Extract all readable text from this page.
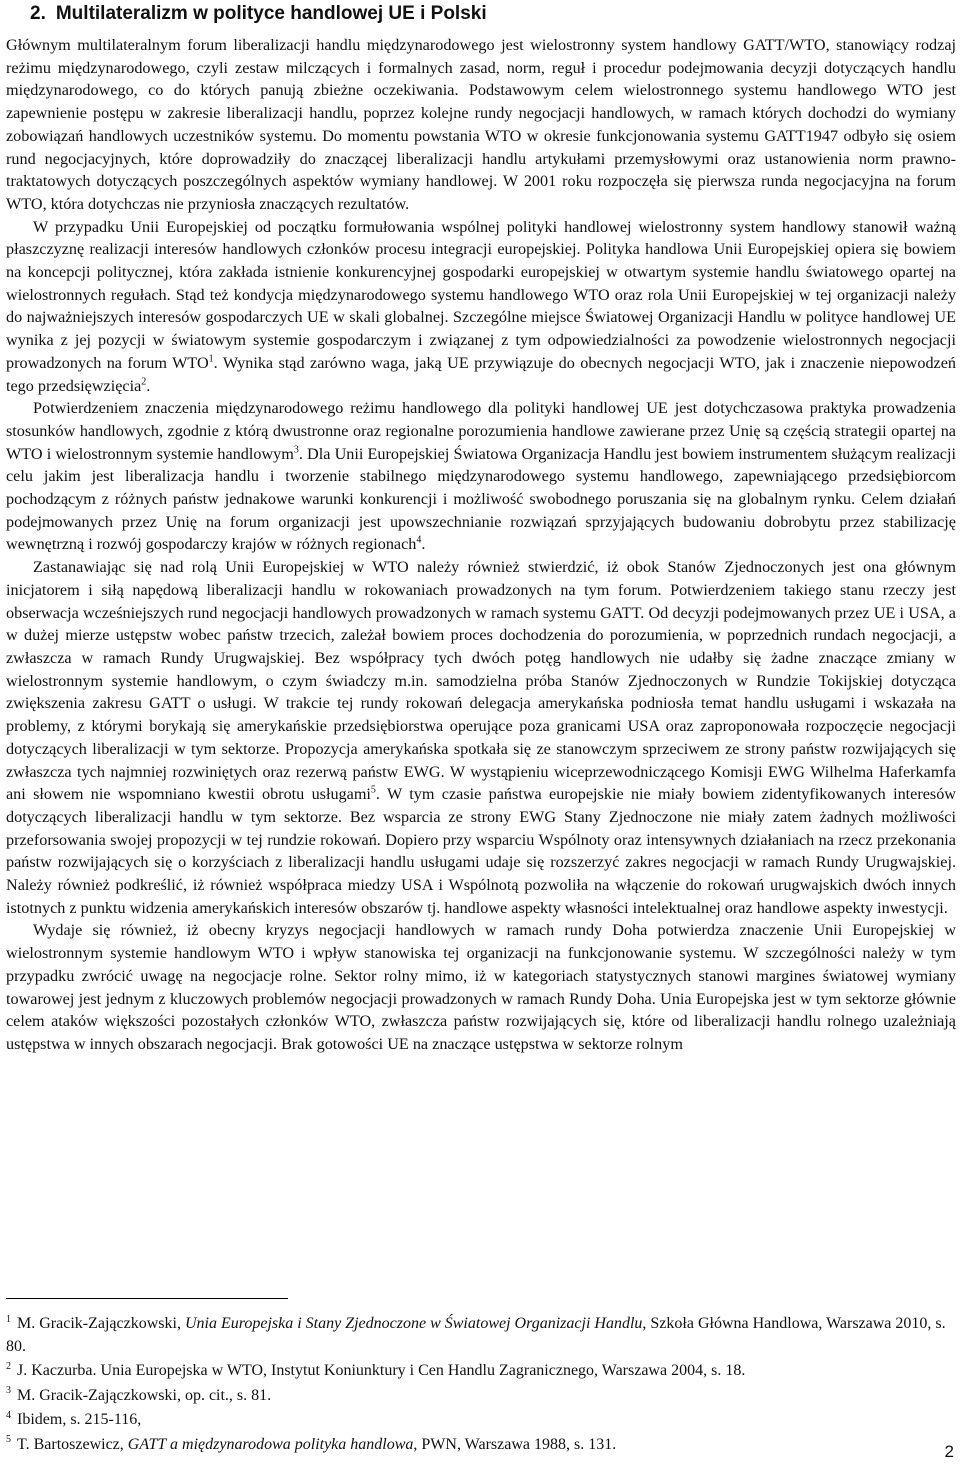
2. Multilateralizm w polityce handlowej UE i Polski

Głównym multilateralnym forum liberalizacji handlu międzynarodowego jest wielostronny system handlowy GATT/WTO, stanowiący rodzaj reżimu międzynarodowego, czyli zestaw milczących i formalnych zasad, norm, reguł i procedur podejmowania decyzji dotyczących handlu międzynarodowego, co do których panują zbieżne oczekiwania. Podstawowym celem wielostronnego systemu handlowego WTO jest zapewnienie postępu w zakresie liberalizacji handlu, poprzez kolejne rundy negocjacji handlowych, w ramach których dochodzi do wymiany zobowiązań handlowych uczestników systemu. Do momentu powstania WTO w okresie funkcjonowania systemu GATT1947 odbyło się osiem rund negocjacyjnych, które doprowadziły do znaczącej liberalizacji handlu artykułami przemysłowymi oraz ustanowienia norm prawno-traktatowych dotyczących poszczególnych aspektów wymiany handlowej. W 2001 roku rozpoczęła się pierwsza runda negocjacyjna na forum WTO, która dotychczas nie przyniosła znaczących rezultatów.

W przypadku Unii Europejskiej od początku formułowania wspólnej polityki handlowej wielostronny system handlowy stanowił ważną płaszczyznę realizacji interesów handlowych członków procesu integracji europejskiej. Polityka handlowa Unii Europejskiej opiera się bowiem na koncepcji politycznej, która zakłada istnienie konkurencyjnej gospodarki europejskiej w otwartym systemie handlu światowego opartej na wielostronnych regułach. Stąd też kondycja międzynarodowego systemu handlowego WTO oraz rola Unii Europejskiej w tej organizacji należy do najważniejszych interesów gospodarczych UE w skali globalnej. Szczególne miejsce Światowej Organizacji Handlu w polityce handlowej UE wynika z jej pozycji w światowym systemie gospodarczym i związanej z tym odpowiedzialności za powodzenie wielostronnych negocjacji prowadzonych na forum WTO$^1$. Wynika stąd zarówno waga, jaką UE przywiązuje do obecnych negocjacji WTO, jak i znaczenie niepowodzeń tego przedsięwzięcia$^2$.

Potwierdzeniem znaczenia międzynarodowego reżimu handlowego dla polityki handlowej UE jest dotychczasowa praktyka prowadzenia stosunków handlowych, zgodnie z którą dwustronne oraz regionalne porozumienia handlowe zawierane przez Unię są częścią strategii opartej na WTO i wielostronnym systemie handlowym$^3$. Dla Unii Europejskiej Światowa Organizacja Handlu jest bowiem instrumentem służącym realizacji celu jakim jest liberalizacja handlu i tworzenie stabilnego międzynarodowego systemu handlowego, zapewniającego przedsiębiorcom pochodzącym z różnych państw jednakowe warunki konkurencji i możliwość swobodnego poruszania się na globalnym rynku. Celem działań podejmowanych przez Unię na forum organizacji jest upowszechnianie rozwiązań sprzyjających budowaniu dobrobytu przez stabilizację wewnętrzną i rozwój gospodarczy krajów w różnych regionach$^4$.

Zastanawiając się nad rolą Unii Europejskiej w WTO należy również stwierdzić, iż obok Stanów Zjednoczonych jest ona głównym inicjatorem i siłą napędową liberalizacji handlu w rokowaniach prowadzonych na tym forum. Potwierdzeniem takiego stanu rzeczy jest obserwacja wcześniejszych rund negocjacji handlowych prowadzonych w ramach systemu GATT. Od decyzji podejmowanych przez UE i USA, a w dużej mierze ustępstw wobec państw trzecich, zależał bowiem proces dochodzenia do porozumienia, w poprzednich rundach negocjacji, a zwłaszcza w ramach Rundy Urugwajskiej. Bez współpracy tych dwóch potęg handlowych nie udałby się żadne znaczące zmiany w wielostronnym systemie handlowym, o czym świadczy m.in. samodzielna próba Stanów Zjednoczonych w Rundzie Tokijskiej dotycząca zwiększenia zakresu GATT o usługi. W trakcie tej rundy rokowań delegacja amerykańska podniosła temat handlu usługami i wskazała na problemy, z którymi borykają się amerykańskie przedsiębiorstwa operujące poza granicami USA oraz zaproponowała rozpoczęcie negocjacji dotyczących liberalizacji w tym sektorze. Propozycja amerykańska spotkała się ze stanowczym sprzeciwem ze strony państw rozwijających się zwłaszcza tych najmniej rozwiniętych oraz rezerwą państw EWG. W wystąpieniu wiceprzewodniczącego Komisji EWG Wilhelma Haferkamfa ani słowem nie wspomniano kwestii obrotu usługami$^5$. W tym czasie państwa europejskie nie miały bowiem zidentyfikowanych interesów dotyczących liberalizacji handlu w tym sektorze. Bez wsparcia ze strony EWG Stany Zjednoczone nie miały zatem żadnych możliwości przeforsowania swojej propozycji w tej rundzie rokowań. Dopiero przy wsparciu Wspólnoty oraz intensywnych działaniach na rzecz przekonania państw rozwijających się o korzyściach z liberalizacji handlu usługami udaje się rozszerzyć zakres negocjacji w ramach Rundy Urugwajskiej. Należy również podkreślić, iż również współpraca miedzy USA i Wspólnotą pozwoliła na włączenie do rokowań urugwajskich dwóch innych istotnych z punktu widzenia amerykańskich interesów obszarów tj. handlowe aspekty własności intelektualnej oraz handlowe aspekty inwestycji.

Wydaje się również, iż obecny kryzys negocjacji handlowych w ramach rundy Doha potwierdza znaczenie Unii Europejskiej w wielostronnym systemie handlowym WTO i wpływ stanowiska tej organizacji na funkcjonowanie systemu. W szczególności należy w tym przypadku zwrócić uwagę na negocjacje rolne. Sektor rolny mimo, iż w kategoriach statystycznych stanowi margines światowej wymiany towarowej jest jednym z kluczowych problemów negocjacji prowadzonych w ramach Rundy Doha. Unia Europejska jest w tym sektorze głównie celem ataków większości pozostałych członków WTO, zwłaszcza państw rozwijających się, które od liberalizacji handlu rolnego uzależniają ustępstwa w innych obszarach negocjacji. Brak gotowości UE na znaczące ustępstwa w sektorze rolnym

$^1$ M. Gracik-Zajączkowski, Unia Europejska i Stany Zjednoczone w Światowej Organizacji Handlu, Szkoła Główna Handlowa, Warszawa 2010, s. 80.
$^2$ J. Kaczurba. Unia Europejska w WTO, Instytut Koniunktury i Cen Handlu Zagranicznego, Warszawa 2004, s. 18.
$^3$ M. Gracik-Zajączkowski, op. cit., s. 81.
$^4$ Ibidem, s. 215-116,
$^5$ T. Bartoszewicz, GATT a międzynarodowa polityka handlowa, PWN, Warszawa 1988, s. 131.	2
